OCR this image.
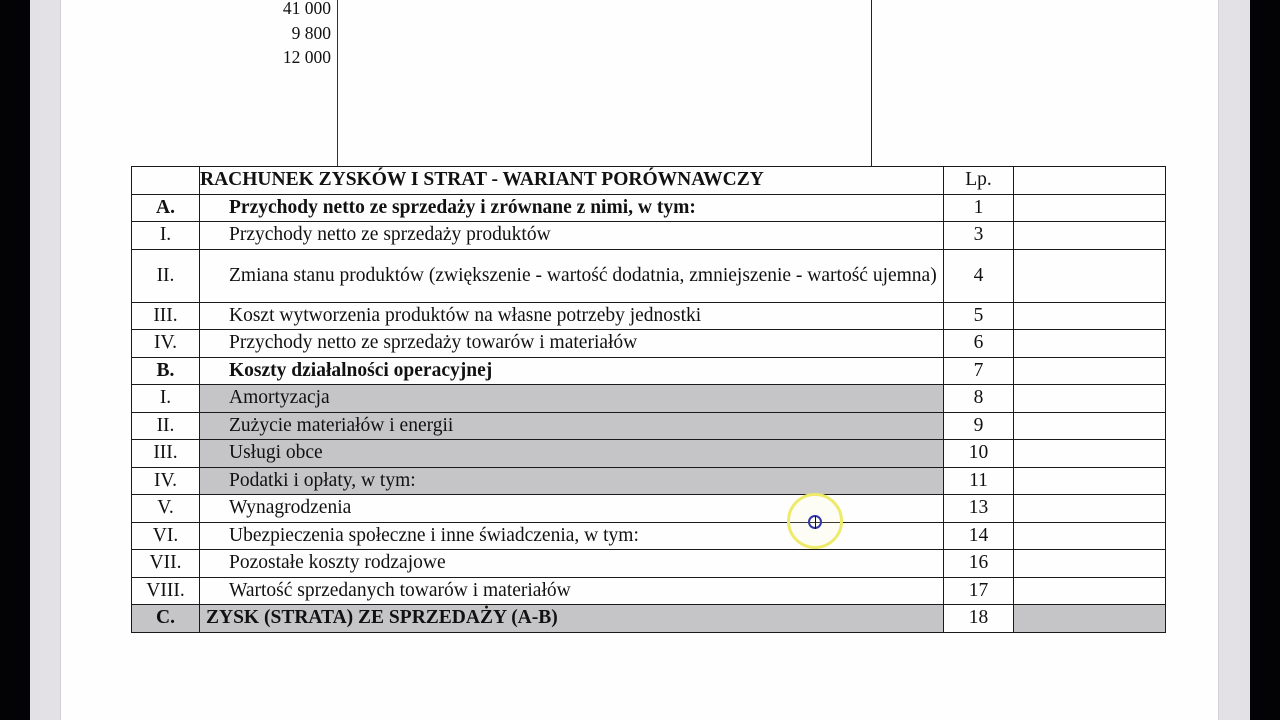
41 000
9 800
12 000
	RACHUNEK ZYSKÓW I STRAT - WARIANT PORÓWNAWCZY	Lp.	
A.	Przychody netto ze sprzedaży i zrównane z nimi, w tym:	1	
I.	Przychody netto ze sprzedaży produktów	3	
II.	Zmiana stanu produktów (zwiększenie - wartość dodatnia, zmniejszenie - wartość ujemna)	4	
III.	Koszt wytworzenia produktów na własne potrzeby jednostki	5	
IV.	Przychody netto ze sprzedaży towarów i materiałów	6	
B.	Koszty działalności operacyjnej	7	
I.	Amortyzacja	8	
II.	Zużycie materiałów i energii	9	
III.	Usługi obce	10	
IV.	Podatki i opłaty, w tym:	11	
V.	Wynagrodzenia	13	
VI.	Ubezpieczenia społeczne i inne świadczenia, w tym:	14	
VII.	Pozostałe koszty rodzajowe	16	
VIII.	Wartość sprzedanych towarów i materiałów	17	
C.	ZYSK (STRATA) ZE SPRZEDAŻY (A-B)	18	
